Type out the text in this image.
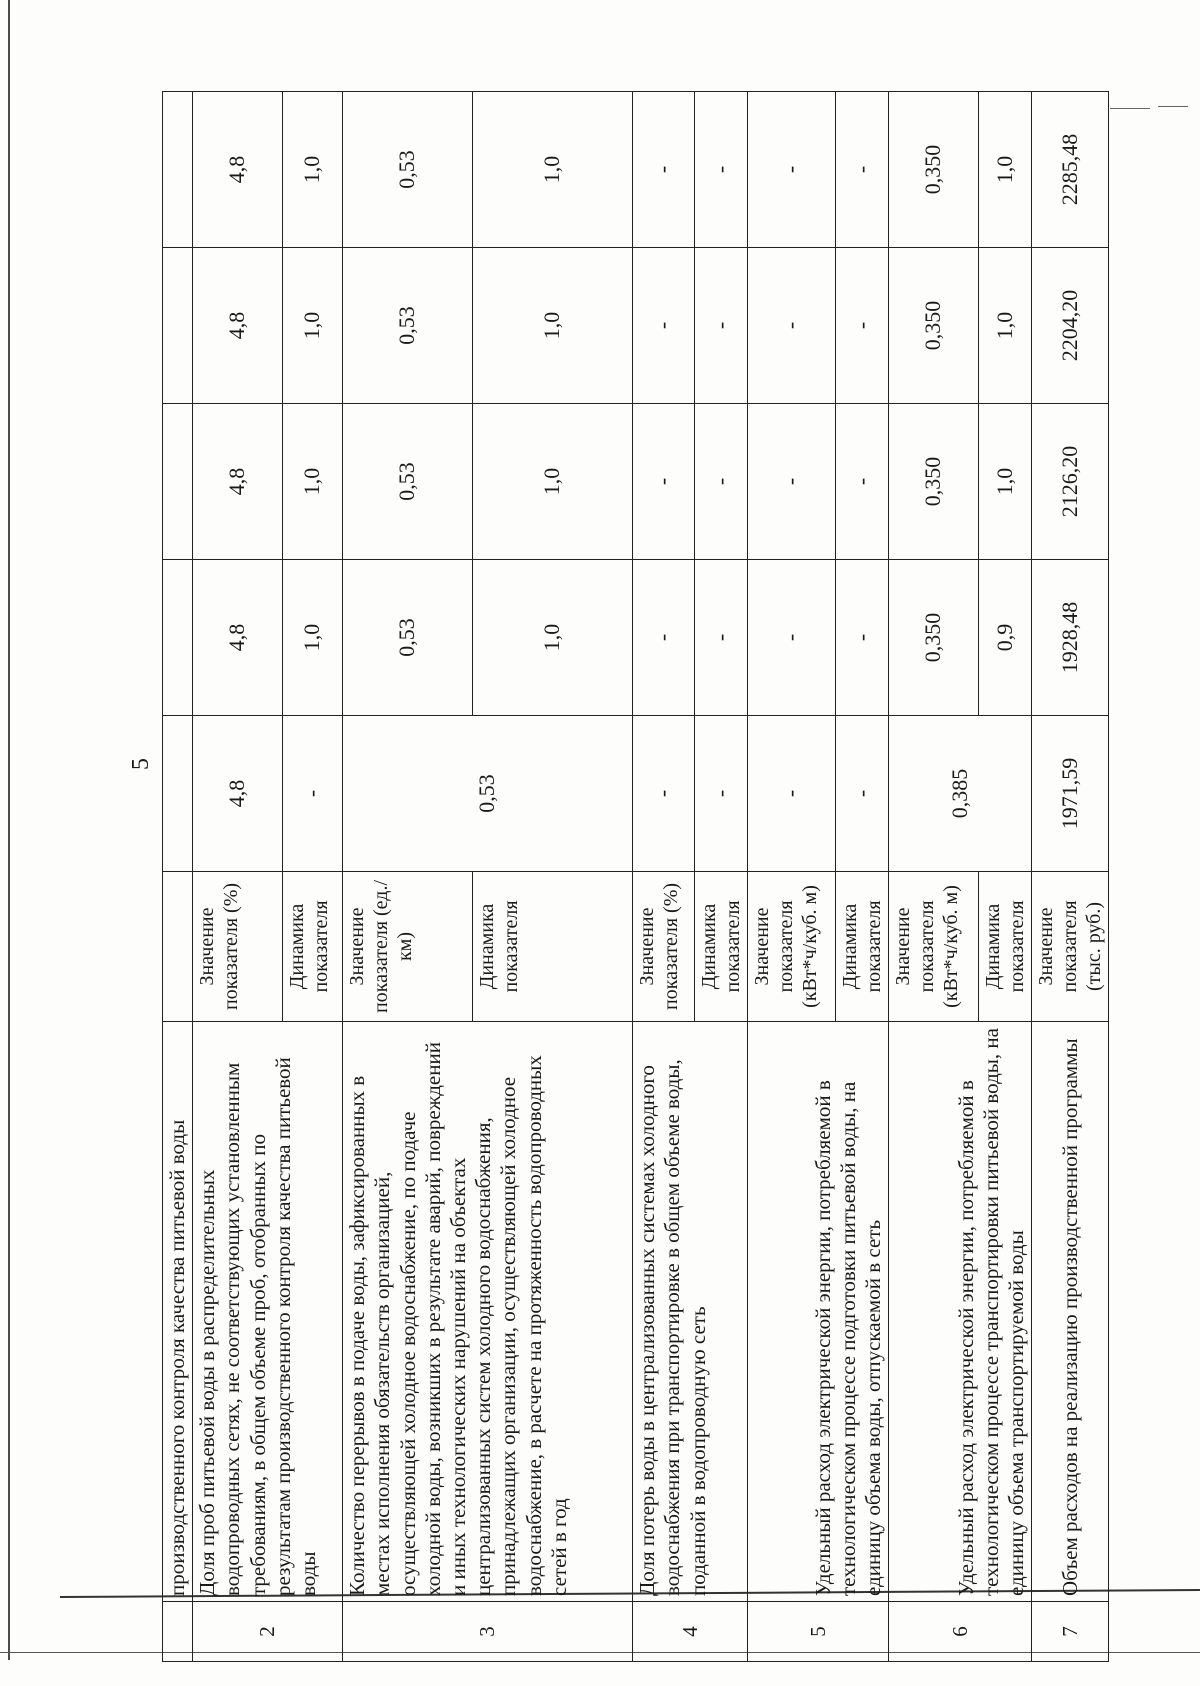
5
	производственного контроля качества питьевой воды						
2	Доля проб питьевой воды в распределительных водопроводных сетях, не соответствующих установленным требованиям, в общем объеме проб, отобранных по результатам производственного контроля качества питьевой воды	Значение показателя (%)	4,8	4,8	4,8	4,8	4,8
		Динамика показателя	-	1,0	1,0	1,0	1,0
3	Количество перерывов в подаче воды, зафиксированных в местах исполнения обязательств организацией, осуществляющей холодное водоснабжение, по подаче холодной воды, возникших в результате аварий, повреждений и иных технологических нарушений на объектах централизованных систем холодного водоснабжения, принадлежащих организации, осуществляющей холодное водоснабжение, в расчете на протяженность водопроводных сетей в год	Значение показателя (ед./км)	0,53	0,53	0,53	0,53	0,53
		Динамика показателя		1,0	1,0	1,0	1,0
4	Доля потерь воды в централизованных системах холодного водоснабжения при транспортировке в общем объеме воды, поданной в водопроводную сеть	Значение показателя (%)	-	-	-	-	-
		Динамика показателя	-	-	-	-	-
5	Удельный расход электрической энергии, потребляемой в технологическом процессе подготовки питьевой воды, на единицу объема воды, отпускаемой в сеть	Значение показателя (кВт*ч/куб. м)	-	-	-	-	-
		Динамика показателя	-	-	-	-	-
6	Удельный расход электрической энергии, потребляемой в технологическом процессе транспортировки питьевой воды, на единицу объема транспортируемой воды	Значение показателя (кВт*ч/куб. м)	0,385	0,350	0,350	0,350	0,350
		Динамика показателя		0,9	1,0	1,0	1,0
7	Объем расходов на реализацию производственной программы	Значение показателя (тыс. руб.)	1971,59	1928,48	2126,20	2204,20	2285,48
